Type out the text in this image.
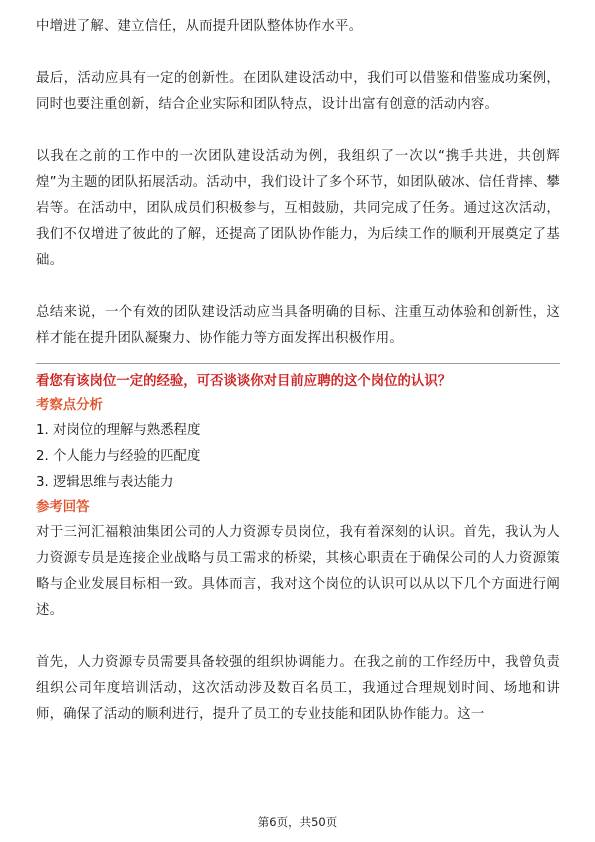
中增进了解、建立信任，从而提升团队整体协作水平。

最后，活动应具有一定的创新性。在团队建设活动中，我们可以借鉴和借鉴成功案例，同时也要注重创新，结合企业实际和团队特点，设计出富有创意的活动内容。

以我在之前的工作中的一次团队建设活动为例，我组织了一次以“携手共进，共创辉煌”为主题的团队拓展活动。活动中，我们设计了多个环节，如团队破冰、信任背摔、攀岩等。在活动中，团队成员们积极参与，互相鼓励，共同完成了任务。通过这次活动，我们不仅增进了彼此的了解，还提高了团队协作能力，为后续工作的顺利开展奠定了基础。

总结来说，一个有效的团队建设活动应当具备明确的目标、注重互动体验和创新性，这样才能在提升团队凝聚力、协作能力等方面发挥出积极作用。

看您有该岗位一定的经验，可否谈谈你对目前应聘的这个岗位的认识？

考察点分析

1. 对岗位的理解与熟悉程度
2. 个人能力与经验的匹配度
3. 逻辑思维与表达能力

参考回答

对于三河汇福粮油集团公司的人力资源专员岗位，我有着深刻的认识。首先，我认为人力资源专员是连接企业战略与员工需求的桥梁，其核心职责在于确保公司的人力资源策略与企业发展目标相一致。具体而言，我对这个岗位的认识可以从以下几个方面进行阐述。

首先，人力资源专员需要具备较强的组织协调能力。在我之前的工作经历中，我曾负责组织公司年度培训活动，这次活动涉及数百名员工，我通过合理规划时间、场地和讲师，确保了活动的顺利进行，提升了员工的专业技能和团队协作能力。这一

第6页，共50页
